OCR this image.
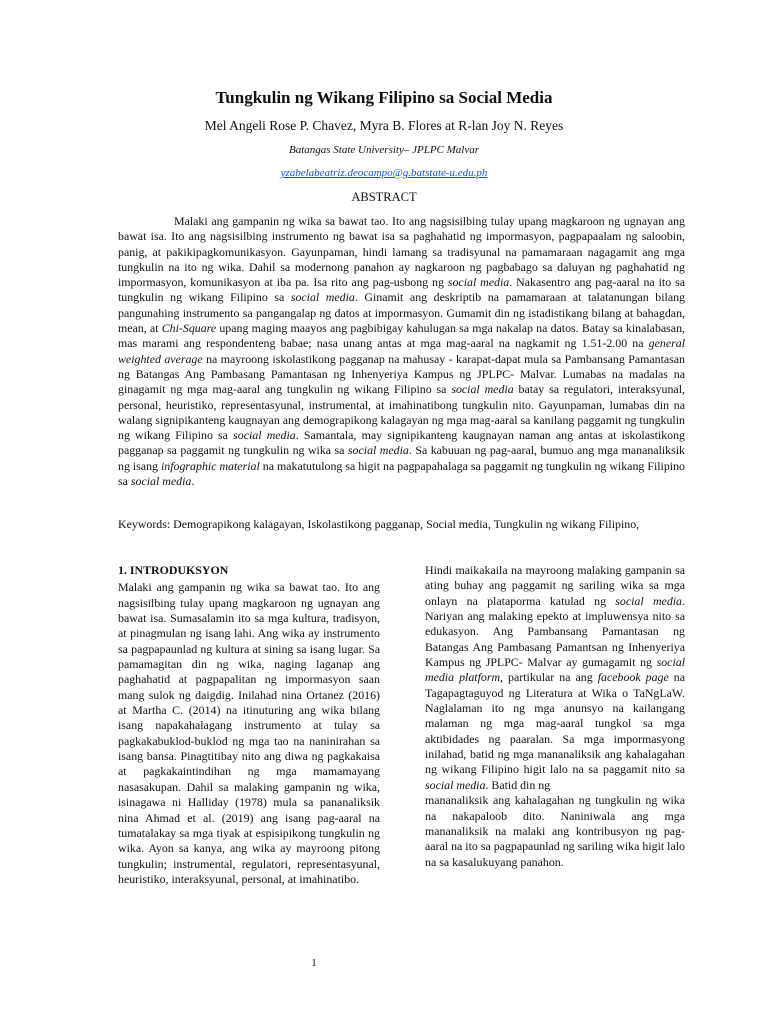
Tungkulin ng Wikang Filipino sa Social Media
Mel Angeli Rose P. Chavez, Myra B. Flores at R-lan Joy N. Reyes
Batangas State University– JPLPC Malvar
yzabelabeatriz.deocampo@g.batstate-u.edu.ph
ABSTRACT

Malaki ang gampanin ng wika sa bawat tao. Ito ang nagsisilbing tulay upang magkaroon ng ugnayan ang bawat isa. Ito ang nagsisilbing instrumento ng bawat isa sa paghahatid ng impormasyon, pagpapaalam ng saloobin, panig, at pakikipagkomunikasyon. Gayunpaman, hindi lamang sa tradisyunal na pamamaraan nagagamit ang mga tungkulin na ito ng wika. Dahil sa modernong panahon ay nagkaroon ng pagbabago sa daluyan ng paghahatid ng impormasyon, komunikasyon at iba pa. Isa rito ang pag-usbong ng social media. Nakasentro ang pag-aaral na ito sa tungkulin ng wikang Filipino sa social media. Ginamit ang deskriptib na pamamaraan at talatanungan bilang pangunahing instrumento sa pangangalap ng datos at impormasyon. Gumamit din ng istadistikang bilang at bahagdan, mean, at Chi-Square upang maging maayos ang pagbibigay kahulugan sa mga nakalap na datos. Batay sa kinalabasan, mas marami ang respondenteng babae; nasa unang antas at mga mag-aaral na nagkamit ng 1.51-2.00 na general weighted average na mayroong iskolastikong pagganap na mahusay - karapat-dapat mula sa Pambansang Pamantasan ng Batangas Ang Pambasang Pamantasan ng Inhenyeriya Kampus ng JPLPC- Malvar. Lumabas na madalas na ginagamit ng mga mag-aaral ang tungkulin ng wikang Filipino sa social media batay sa regulatori, interaksyunal, personal, heuristiko, representasyunal, instrumental, at imahinatibong tungkulin nito. Gayunpaman, lumabas din na walang signipikanteng kaugnayan ang demograpikong kalagayan ng mga mag-aaral sa kanilang paggamit ng tungkulin ng wikang Filipino sa social media. Samantala, may signipikanteng kaugnayan naman ang antas at iskolastikong pagganap sa paggamit ng tungkulin ng wika sa social media. Sa kabuuan ng pag-aaral, bumuo ang mga mananaliksik ng isang infographic material na makatutulong sa higit na pagpapahalaga sa paggamit ng tungkulin ng wikang Filipino sa social media.

Keywords: Demograpikong kalagayan, Iskolastikong pagganap, Social media, Tungkulin ng wikang Filipino,

1. INTRODUKSYON

Malaki ang gampanin ng wika sa bawat tao. Ito ang nagsisilbing tulay upang magkaroon ng ugnayan ang bawat isa. Sumasalamin ito sa mga kultura, tradisyon, at pinagmulan ng isang lahi. Ang wika ay instrumento sa pagpapaunlad ng kultura at sining sa isang lugar. Sa pamamagitan din ng wika, naging laganap ang paghahatid at pagpapalitan ng impormasyon saan mang sulok ng daigdig. Inilahad nina Ortanez (2016) at Martha C. (2014) na itinuturing ang wika bilang isang napakahalagang instrumento at tulay sa pagkakabuklod-buklod ng mga tao na naninirahan sa isang bansa. Pinagtitibay nito ang diwa ng pagkakaisa at pagkakaintindihan ng mga mamamayang nasasakupan. Dahil sa malaking gampanin ng wika, isinagawa ni Halliday (1978) mula sa pananaliksik nina Ahmad et al. (2019) ang isang pag-aaral na tumatalakay sa mga tiyak at espisipikong tungkulin ng wika. Ayon sa kanya, ang wika ay mayroong pitong tungkulin; instrumental, regulatori, representasyunal, heuristiko, interaksyunal, personal, at imahinatibo.

Hindi maikakaila na mayroong malaking gampanin sa ating buhay ang paggamit ng sariling wika sa mga onlayn na plataporma katulad ng social media. Nariyan ang malaking epekto at impluwensya nito sa edukasyon. Ang Pambansang Pamantasan ng Batangas Ang Pambasang Pamantsan ng Inhenyeriya Kampus ng JPLPC- Malvar ay gumagamit ng social media platform, partikular na ang facebook page na Tagapagtaguyod ng Literatura at Wika o TaNgLaW. Naglalaman ito ng mga anunsyo na kailangang malaman ng mga mag-aaral tungkol sa mga aktibidades ng paaralan. Sa mga impormasyong inilahad, batid ng mga mananaliksik ang kahalagahan ng wikang Filipino higit lalo na sa paggamit nito sa social media. Batid din ng

mananaliksik ang kahalagahan ng tungkulin ng wika na nakapaloob dito. Naniniwala ang mga mananaliksik na malaki ang kontribusyon ng pag-aaral na ito sa pagpapaunlad ng sariling wika higit lalo na sa kasalukuyang panahon.

1
